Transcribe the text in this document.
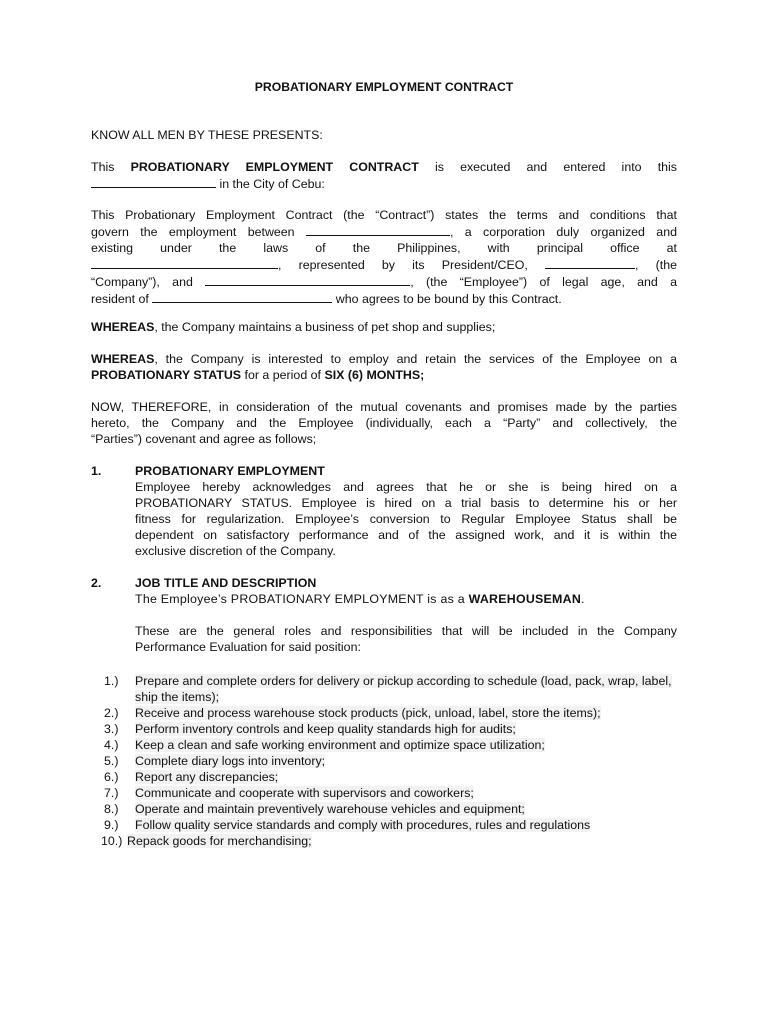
PROBATIONARY EMPLOYMENT CONTRACT

KNOW ALL MEN BY THESE PRESENTS:

This PROBATIONARY EMPLOYMENT CONTRACT is executed and entered into this
in the City of Cebu:
This Probationary Employment Contract (the “Contract”) states the terms and conditions that
govern the employment between	, a corporation duly organized and
existing under the laws of the Philippines, with principal office at
, represented by its President/CEO,	, (the
“Company”), and	, (the “Employee”) of legal age, and a
resident of	who agrees to be bound by this Contract.

WHEREAS, the Company maintains a business of pet shop and supplies;

WHEREAS, the Company is interested to employ and retain the services of the Employee on a
PROBATIONARY STATUS for a period of SIX (6) MONTHS;
NOW, THEREFORE, in consideration of the mutual covenants and promises made by the parties
hereto, the Company and the Employee (individually, each a “Party” and collectively, the
“Parties”) covenant and agree as follows;
1.	PROBATIONARY EMPLOYMENT
Employee hereby acknowledges and agrees that he or she is being hired on a
PROBATIONARY STATUS. Employee is hired on a trial basis to determine his or her
fitness for regularization. Employee’s conversion to Regular Employee Status shall be
dependent on satisfactory performance and of the assigned work, and it is within the
exclusive discretion of the Company.
2.	JOB TITLE AND DESCRIPTION
The Employee’s PROBATIONARY EMPLOYMENT is as a WAREHOUSEMAN.
These are the general roles and responsibilities that will be included in the Company
Performance Evaluation for said position:
1.)	Prepare and complete orders for delivery or pickup according to schedule (load, pack, wrap, label, ship the items);
2.)	Receive and process warehouse stock products (pick, unload, label, store the items);
3.)	Perform inventory controls and keep quality standards high for audits;
4.)	Keep a clean and safe working environment and optimize space utilization;
5.)	Complete diary logs into inventory;
6.)	Report any discrepancies;
7.)	Communicate and cooperate with supervisors and coworkers;
8.)	Operate and maintain preventively warehouse vehicles and equipment;
9.)	Follow quality service standards and comply with procedures, rules and regulations
10.) Repack goods for merchandising;
